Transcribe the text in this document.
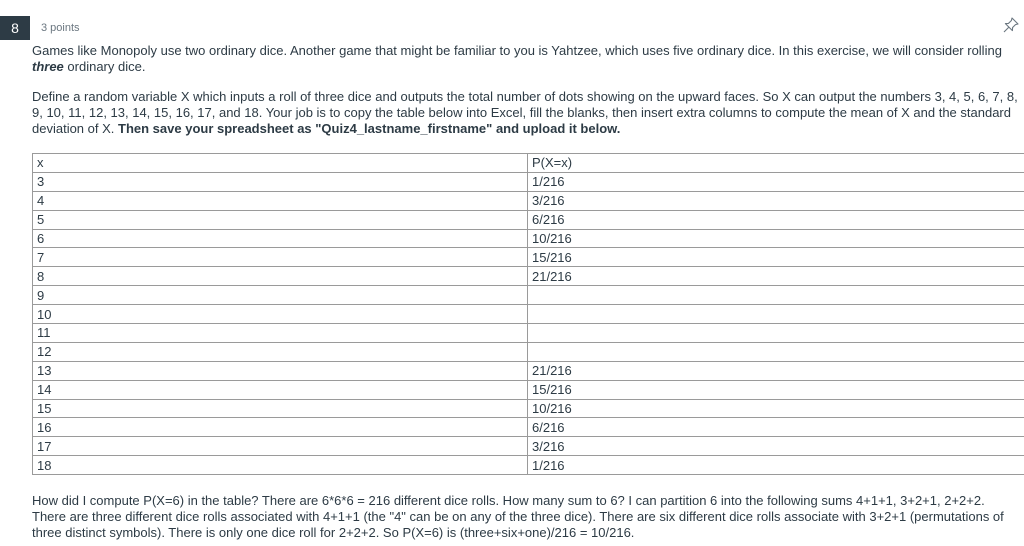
8	3 points

Games like Monopoly use two ordinary dice. Another game that might be familiar to you is Yahtzee, which uses five ordinary dice. In this exercise, we will consider rolling three ordinary dice.

Define a random variable X which inputs a roll of three dice and outputs the total number of dots showing on the upward faces. So X can output the numbers 3, 4, 5, 6, 7, 8, 9, 10, 11, 12, 13, 14, 15, 16, 17, and 18. Your job is to copy the table below into Excel, fill the blanks, then insert extra columns to compute the mean of X and the standard deviation of X. Then save your spreadsheet as "Quiz4_lastname_firstname" and upload it below.

x	P(X=x)
3	1/216
4	3/216
5	6/216
6	10/216
7	15/216
8	21/216
9	
10	
11	
12	
13	21/216
14	15/216
15	10/216
16	6/216
17	3/216
18	1/216

How did I compute P(X=6) in the table? There are 6*6*6 = 216 different dice rolls. How many sum to 6? I can partition 6 into the following sums 4+1+1, 3+2+1, 2+2+2. There are three different dice rolls associated with 4+1+1 (the "4" can be on any of the three dice). There are six different dice rolls associate with 3+2+1 (permutations of three distinct symbols). There is only one dice roll for 2+2+2. So P(X=6) is (three+six+one)/216 = 10/216.
